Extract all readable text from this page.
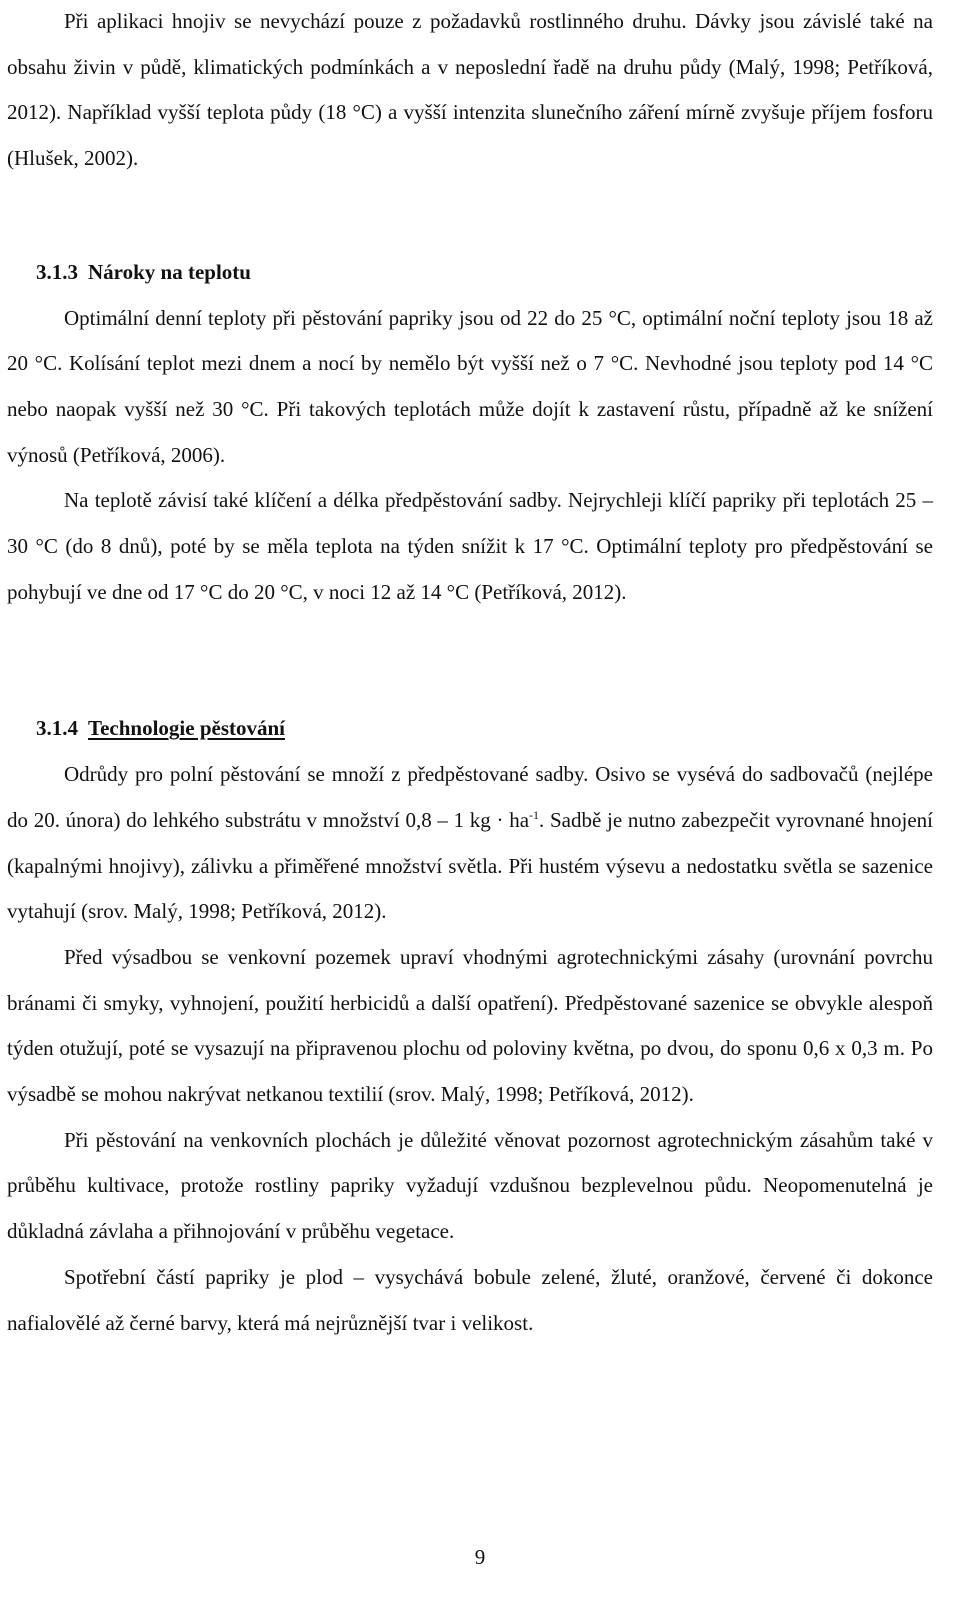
Při aplikaci hnojiv se nevychází pouze z požadavků rostlinného druhu. Dávky jsou závislé také na obsahu živin v půdě, klimatických podmínkách a v neposlední řadě na druhu půdy (Malý, 1998; Petříková, 2012). Například vyšší teplota půdy (18 °C) a vyšší intenzita slunečního záření mírně zvyšuje příjem fosforu (Hlušek, 2002).

3.1.3 Nároky na teplotu

Optimální denní teploty při pěstování papriky jsou od 22 do 25 °C, optimální noční teploty jsou 18 až 20 °C. Kolísání teplot mezi dnem a nocí by nemělo být vyšší než o 7 °C. Nevhodné jsou teploty pod 14 °C nebo naopak vyšší než 30 °C. Při takových teplotách může dojít k zastavení růstu, případně až ke snížení výnosů (Petříková, 2006).

Na teplotě závisí také klíčení a délka předpěstování sadby. Nejrychleji klíčí papriky při teplotách 25 – 30 °C (do 8 dnů), poté by se měla teplota na týden snížit k 17 °C. Optimální teploty pro předpěstování se pohybují ve dne od 17 °C do 20 °C, v noci 12 až 14 °C (Petříková, 2012).

3.1.4 Technologie pěstování

Odrůdy pro polní pěstování se množí z předpěstované sadby. Osivo se vysévá do sadbovačů (nejlépe do 20. února) do lehkého substrátu v množství 0,8 – 1 kg · $ha^{-1}$. Sadbě je nutno zabezpečit vyrovnané hnojení (kapalnými hnojivy), zálivku a přiměřené množství světla. Při hustém výsevu a nedostatku světla se sazenice vytahují (srov. Malý, 1998; Petříková, 2012).

Před výsadbou se venkovní pozemek upraví vhodnými agrotechnickými zásahy (urovnání povrchu bránami či smyky, vyhnojení, použití herbicidů a další opatření). Předpěstované sazenice se obvykle alespoň týden otužují, poté se vysazují na připravenou plochu od poloviny května, po dvou, do sponu 0,6 x 0,3 m. Po výsadbě se mohou nakrývat netkanou textilií (srov. Malý, 1998; Petříková, 2012).

Při pěstování na venkovních plochách je důležité věnovat pozornost agrotechnickým zásahům také v průběhu kultivace, protože rostliny papriky vyžadují vzdušnou bezplevelnou půdu. Neopomenutelná je důkladná závlaha a přihnojování v průběhu vegetace.

Spotřební částí papriky je plod – vysychává bobule zelené, žluté, oranžové, červené či dokonce nafialovělé až černé barvy, která má nejrůznější tvar i velikost.

9
